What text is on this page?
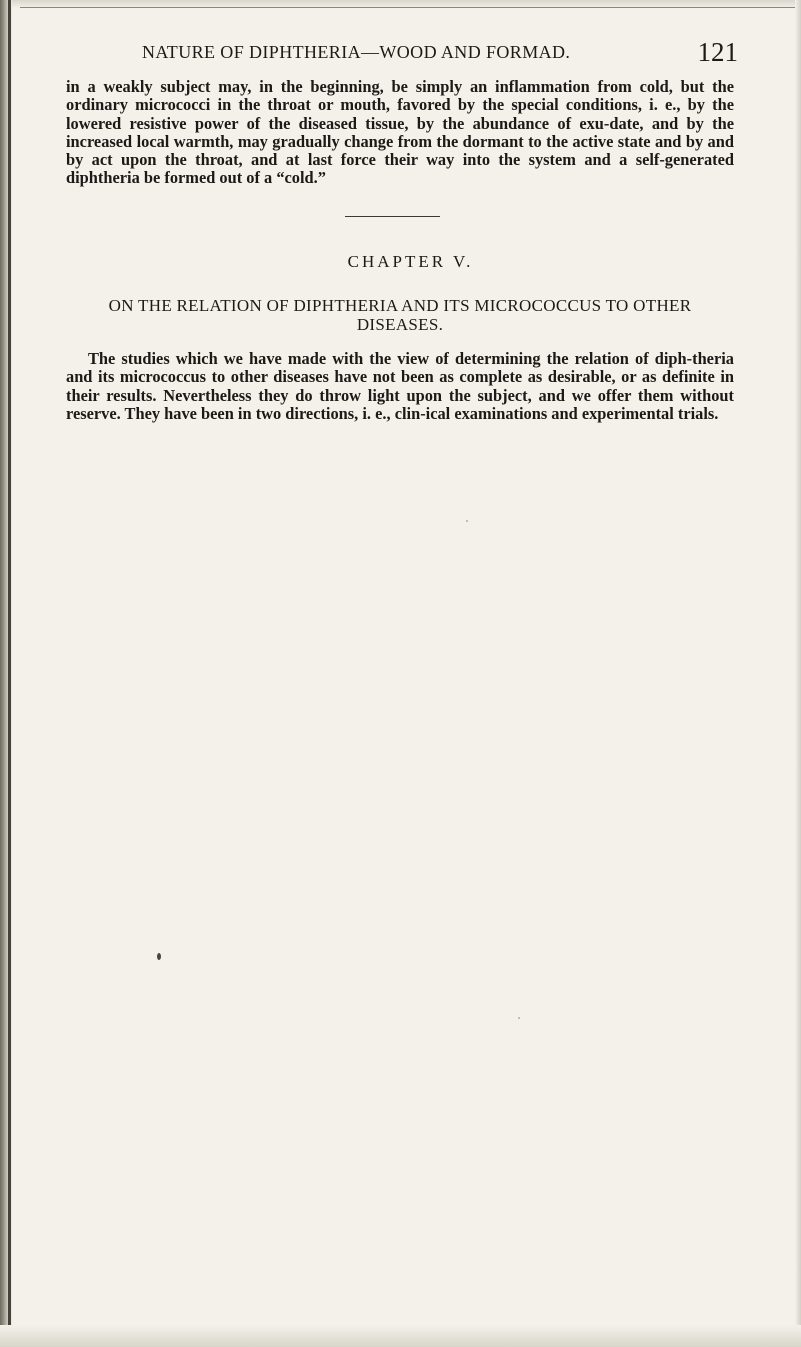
NATURE OF DIPHTHERIA—WOOD AND FORMAD.	121

in a weakly subject may, in the beginning, be simply an inflammation from cold, but the ordinary micrococci in the throat or mouth, favored by the special conditions, i. e., by the lowered resistive power of the diseased tissue, by the abundance of exu-date, and by the increased local warmth, may gradually change from the dormant to the active state and by and by act upon the throat, and at last force their way into the system and a self-generated diphtheria be formed out of a “cold.”

CHAPTER V.
ON THE RELATION OF DIPHTHERIA AND ITS MICROCOCCUS TO OTHER DISEASES.

The studies which we have made with the view of determining the relation of diph-theria and its micrococcus to other diseases have not been as complete as desirable, or as definite in their results. Nevertheless they do throw light upon the subject, and we offer them without reserve. They have been in two directions, i. e., clin-ical examinations and experimental trials.
